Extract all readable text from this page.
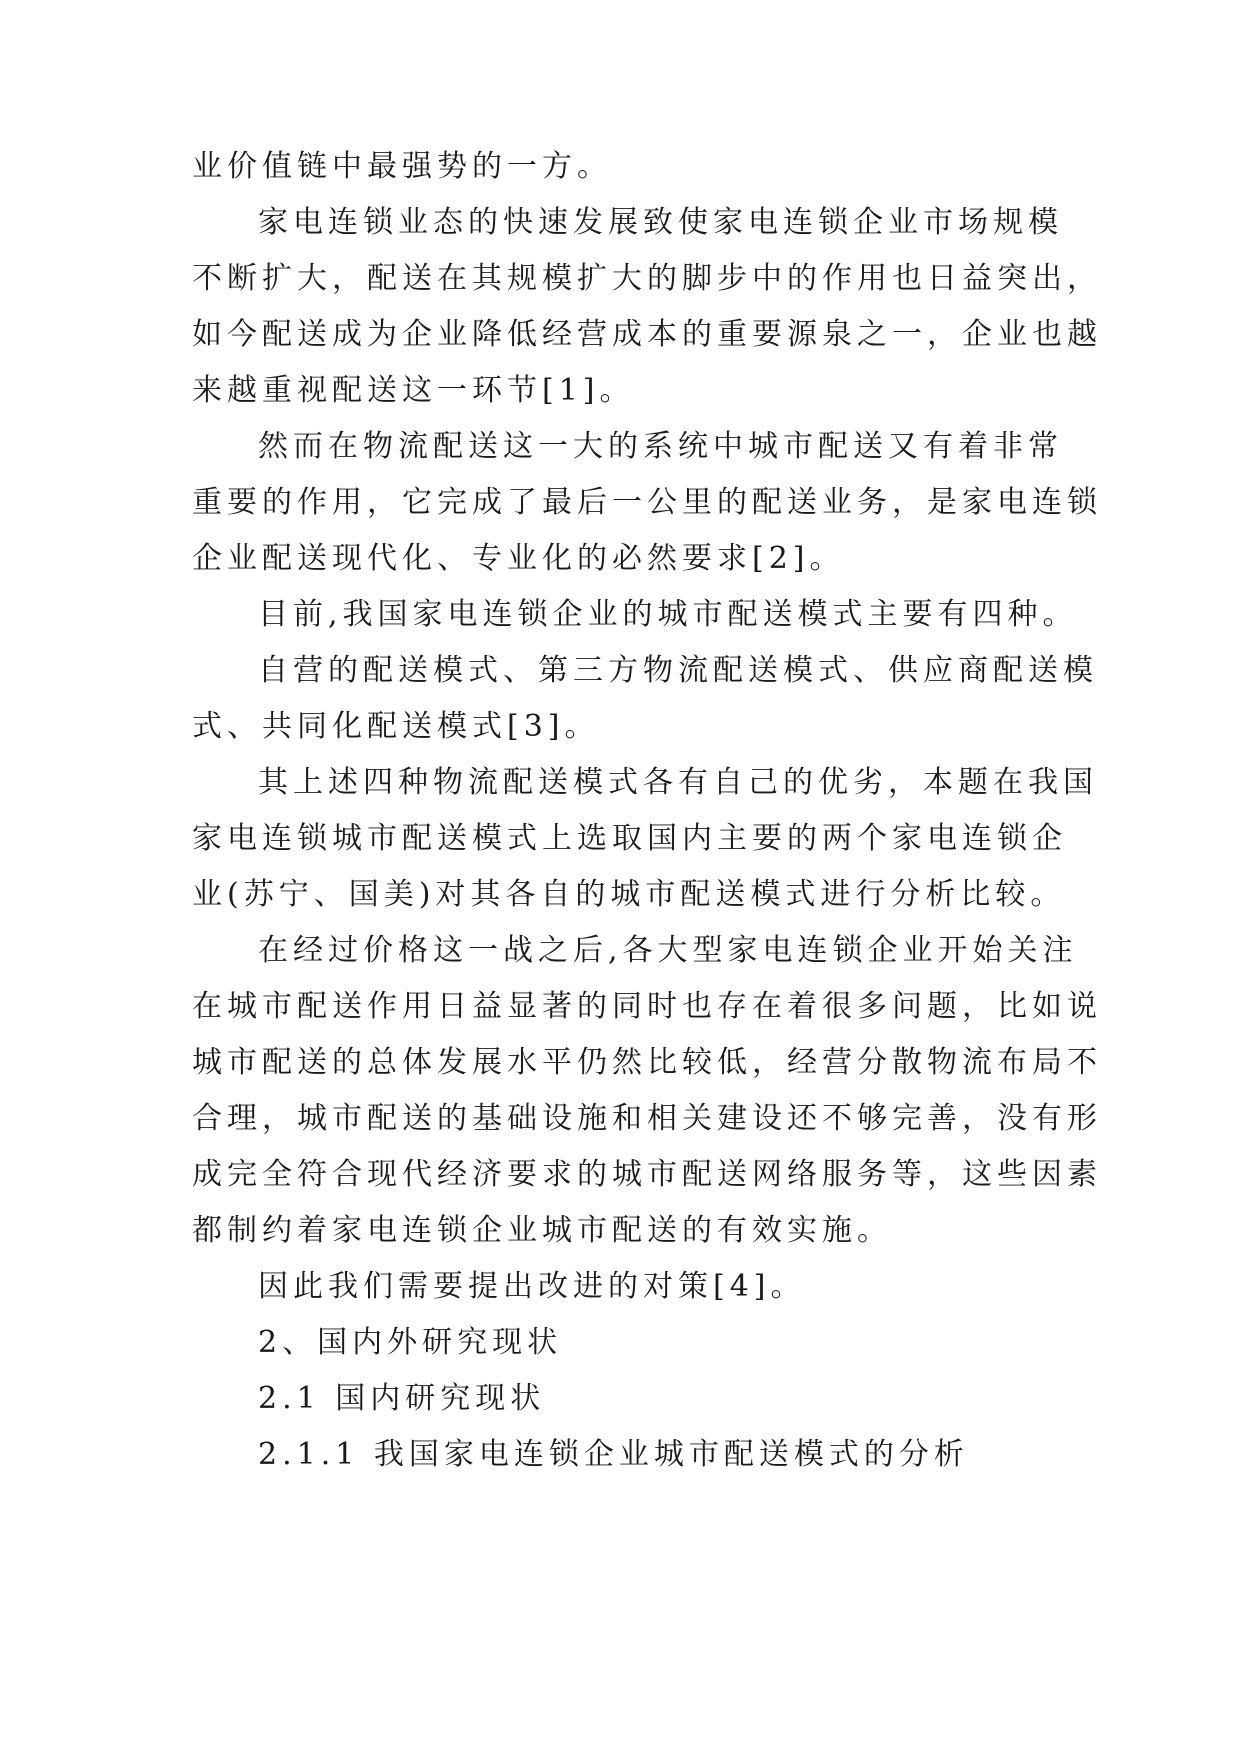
业价值链中最强势的一方。
家电连锁业态的快速发展致使家电连锁企业市场规模
不断扩大，配送在其规模扩大的脚步中的作用也日益突出，
如今配送成为企业降低经营成本的重要源泉之一，企业也越
来越重视配送这一环节[1]。
然而在物流配送这一大的系统中城市配送又有着非常
重要的作用，它完成了最后一公里的配送业务，是家电连锁
企业配送现代化、专业化的必然要求[2]。
目前,我国家电连锁企业的城市配送模式主要有四种。
自营的配送模式、第三方物流配送模式、供应商配送模
式、共同化配送模式[3]。
其上述四种物流配送模式各有自己的优劣，本题在我国
家电连锁城市配送模式上选取国内主要的两个家电连锁企
业(苏宁、国美)对其各自的城市配送模式进行分析比较。
在经过价格这一战之后,各大型家电连锁企业开始关注
在城市配送作用日益显著的同时也存在着很多问题，比如说
城市配送的总体发展水平仍然比较低，经营分散物流布局不
合理，城市配送的基础设施和相关建设还不够完善，没有形
成完全符合现代经济要求的城市配送网络服务等，这些因素
都制约着家电连锁企业城市配送的有效实施。
因此我们需要提出改进的对策[4]。
2、国内外研究现状
2.1 国内研究现状
2.1.1 我国家电连锁企业城市配送模式的分析
